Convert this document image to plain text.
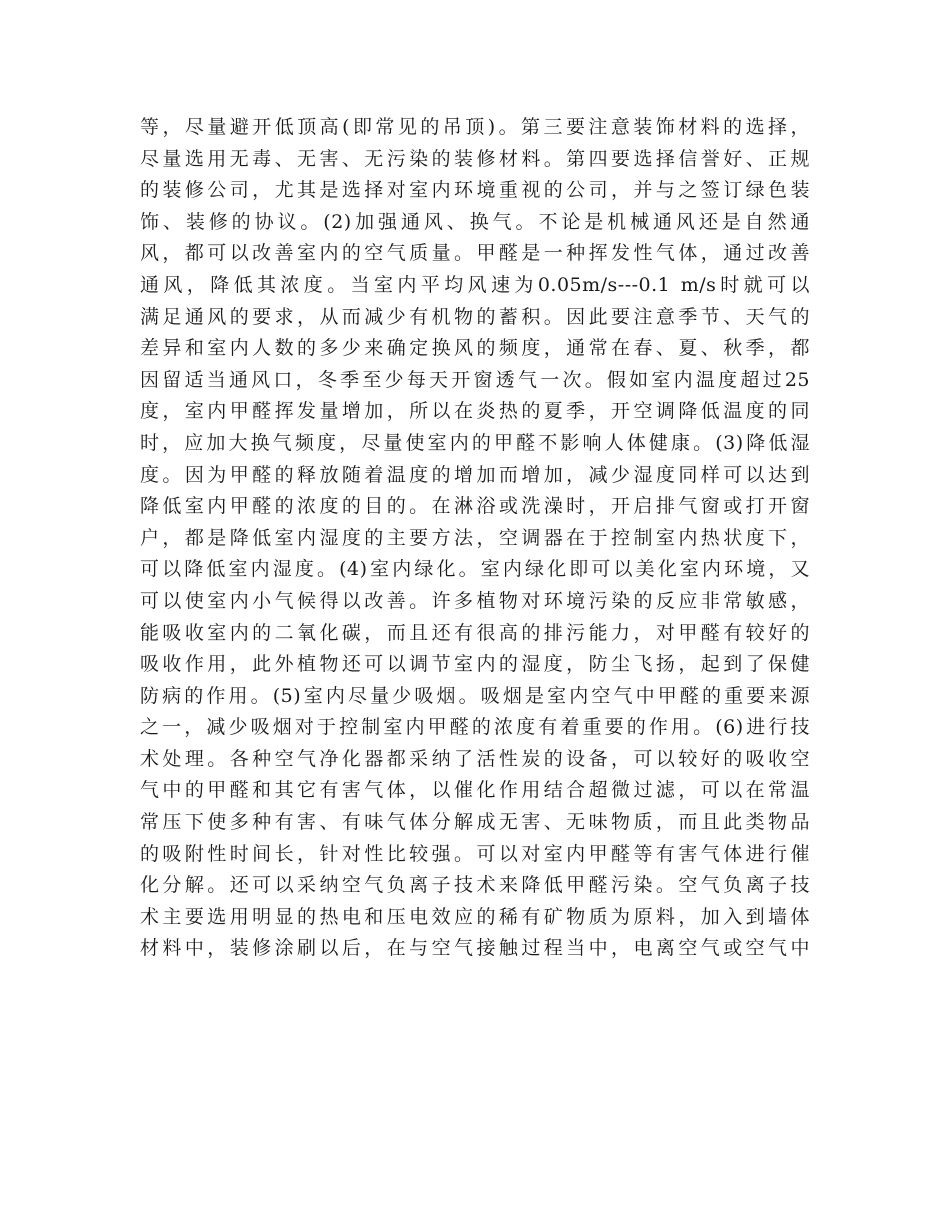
等，尽量避开低顶高(即常见的吊顶)。第三要注意装饰材料的选择，
尽量选用无毒、无害、无污染的装修材料。第四要选择信誉好、正规
的装修公司，尤其是选择对室内环境重视的公司，并与之签订绿色装
饰、装修的协议。(2)加强通风、换气。不论是机械通风还是自然通
风，都可以改善室内的空气质量。甲醛是一种挥发性气体，通过改善
通风，降低其浓度。当室内平均风速为0.05m/s---0.1 m/s时就可以
满足通风的要求，从而减少有机物的蓄积。因此要注意季节、天气的
差异和室内人数的多少来确定换风的频度，通常在春、夏、秋季，都
因留适当通风口，冬季至少每天开窗透气一次。假如室内温度超过25
度，室内甲醛挥发量增加，所以在炎热的夏季，开空调降低温度的同
时，应加大换气频度，尽量使室内的甲醛不影响人体健康。(3)降低湿
度。因为甲醛的释放随着温度的增加而增加，减少湿度同样可以达到
降低室内甲醛的浓度的目的。在淋浴或洗澡时，开启排气窗或打开窗
户，都是降低室内湿度的主要方法，空调器在于控制室内热状度下，
可以降低室内湿度。(4)室内绿化。室内绿化即可以美化室内环境，又
可以使室内小气候得以改善。许多植物对环境污染的反应非常敏感，
能吸收室内的二氧化碳，而且还有很高的排污能力，对甲醛有较好的
吸收作用，此外植物还可以调节室内的湿度，防尘飞扬，起到了保健
防病的作用。(5)室内尽量少吸烟。吸烟是室内空气中甲醛的重要来源
之一，减少吸烟对于控制室内甲醛的浓度有着重要的作用。(6)进行技
术处理。各种空气净化器都采纳了活性炭的设备，可以较好的吸收空
气中的甲醛和其它有害气体，以催化作用结合超微过滤，可以在常温
常压下使多种有害、有味气体分解成无害、无味物质，而且此类物品
的吸附性时间长，针对性比较强。可以对室内甲醛等有害气体进行催
化分解。还可以采纳空气负离子技术来降低甲醛污染。空气负离子技
术主要选用明显的热电和压电效应的稀有矿物质为原料，加入到墙体
材料中，装修涂刷以后，在与空气接触过程当中，电离空气或空气中
